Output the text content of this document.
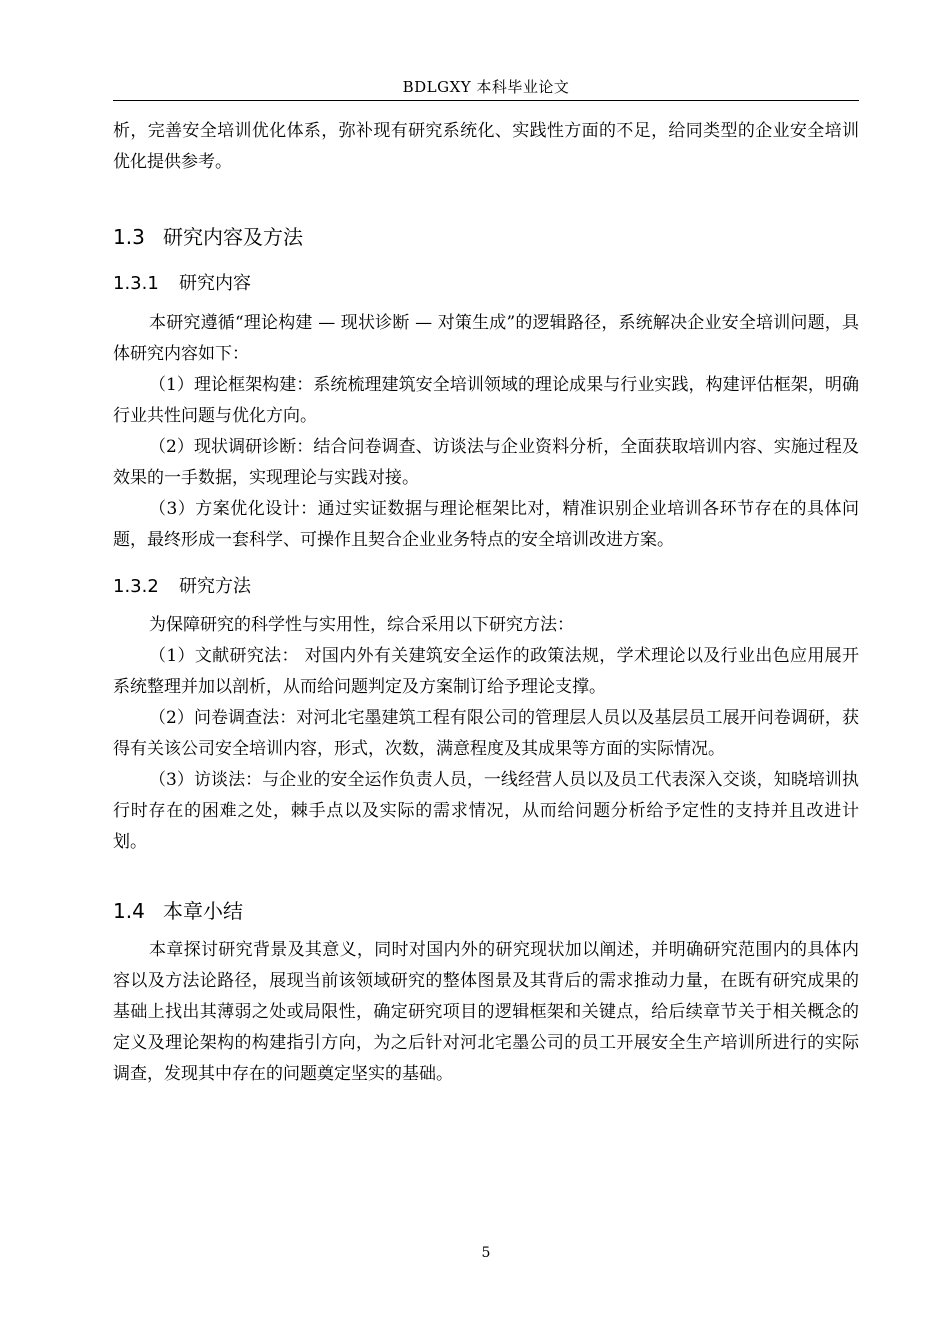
BDLGXY 本科毕业论文

析，完善安全培训优化体系，弥补现有研究系统化、实践性方面的不足，给同类型的企业安全培训优化提供参考。

1.3 研究内容及方法
1.3.1 研究内容

本研究遵循“理论构建 — 现状诊断 — 对策生成”的逻辑路径，系统解决企业安全培训问题，具体研究内容如下：

（1）理论框架构建：系统梳理建筑安全培训领域的理论成果与行业实践，构建评估框架，明确行业共性问题与优化方向。

（2）现状调研诊断：结合问卷调查、访谈法与企业资料分析，全面获取培训内容、实施过程及效果的一手数据，实现理论与实践对接。

（3）方案优化设计：通过实证数据与理论框架比对，精准识别企业培训各环节存在的具体问题，最终形成一套科学、可操作且契合企业业务特点的安全培训改进方案。

1.3.2 研究方法

为保障研究的科学性与实用性，综合采用以下研究方法：

（1）文献研究法： 对国内外有关建筑安全运作的政策法规，学术理论以及行业出色应用展开系统整理并加以剖析，从而给问题判定及方案制订给予理论支撑。

（2）问卷调查法：对河北宅墨建筑工程有限公司的管理层人员以及基层员工展开问卷调研，获得有关该公司安全培训内容，形式，次数，满意程度及其成果等方面的实际情况。

（3）访谈法：与企业的安全运作负责人员，一线经营人员以及员工代表深入交谈，知晓培训执行时存在的困难之处，棘手点以及实际的需求情况，从而给问题分析给予定性的支持并且改进计划。

1.4 本章小结

本章探讨研究背景及其意义，同时对国内外的研究现状加以阐述，并明确研究范围内的具体内容以及方法论路径，展现当前该领域研究的整体图景及其背后的需求推动力量，在既有研究成果的基础上找出其薄弱之处或局限性，确定研究项目的逻辑框架和关键点，给后续章节关于相关概念的定义及理论架构的构建指引方向，为之后针对河北宅墨公司的员工开展安全生产培训所进行的实际调查，发现其中存在的问题奠定坚实的基础。

5
